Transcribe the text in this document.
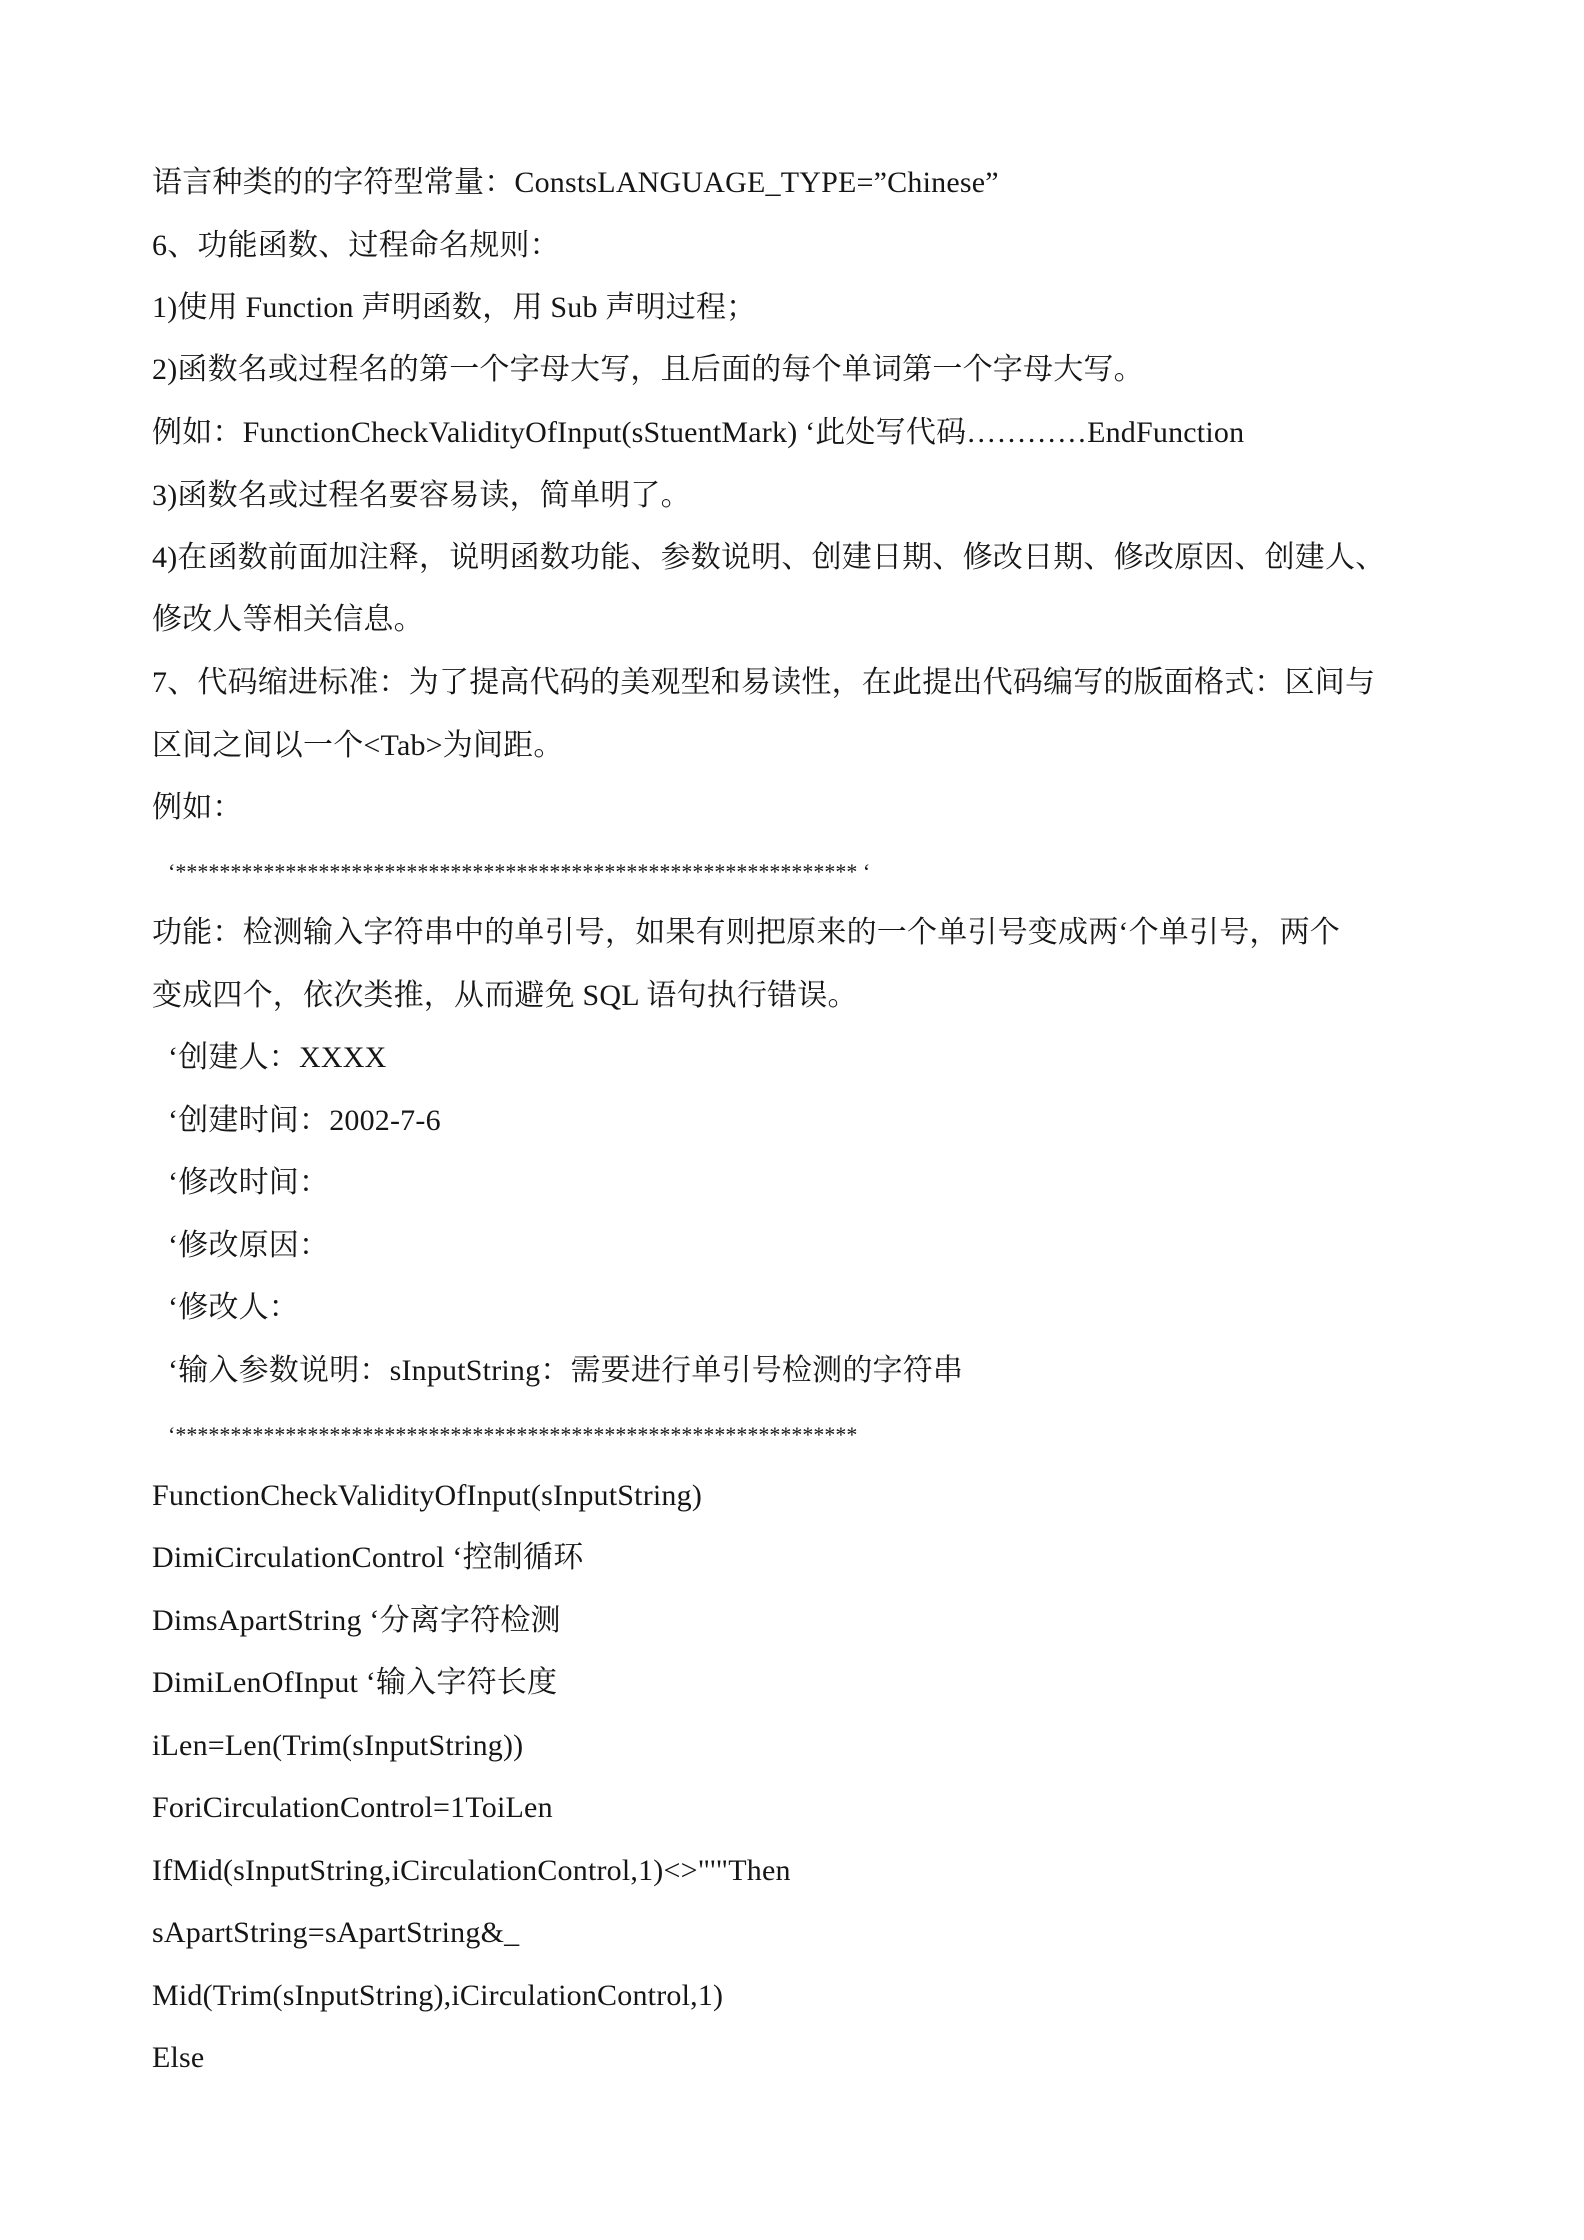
语言种类的的字符型常量：ConstsLANGUAGE_TYPE=”Chinese”
6、功能函数、过程命名规则：
1)使用 Function 声明函数，用 Sub 声明过程；
2)函数名或过程名的第一个字母大写，且后面的每个单词第一个字母大写。
例如：FunctionCheckValidityOfInput(sStuentMark) ‘此处写代码…………EndFunction
3)函数名或过程名要容易读，简单明了。
4)在函数前面加注释，说明函数功能、参数说明、创建日期、修改日期、修改原因、创建人、
修改人等相关信息。
7、代码缩进标准：为了提高代码的美观型和易读性，在此提出代码编写的版面格式：区间与
区间之间以一个<Tab>为间距。
例如：
‘************************************************************** ‘
功能：检测输入字符串中的单引号，如果有则把原来的一个单引号变成两‘个单引号，两个
变成四个，依次类推，从而避免 SQL 语句执行错误。
‘创建人：XXXX
‘创建时间：2002-7-6
‘修改时间：
‘修改原因：
‘修改人：
‘输入参数说明：sInputString：需要进行单引号检测的字符串
‘**************************************************************
FunctionCheckValidityOfInput(sInputString)
DimiCirculationControl ‘控制循环
DimsApartString ‘分离字符检测
DimiLenOfInput ‘输入字符长度
iLen=Len(Trim(sInputString))
ForiCirculationControl=1ToiLen
IfMid(sInputString,iCirculationControl,1)<>"'"Then
sApartString=sApartString&_
Mid(Trim(sInputString),iCirculationControl,1)
Else
